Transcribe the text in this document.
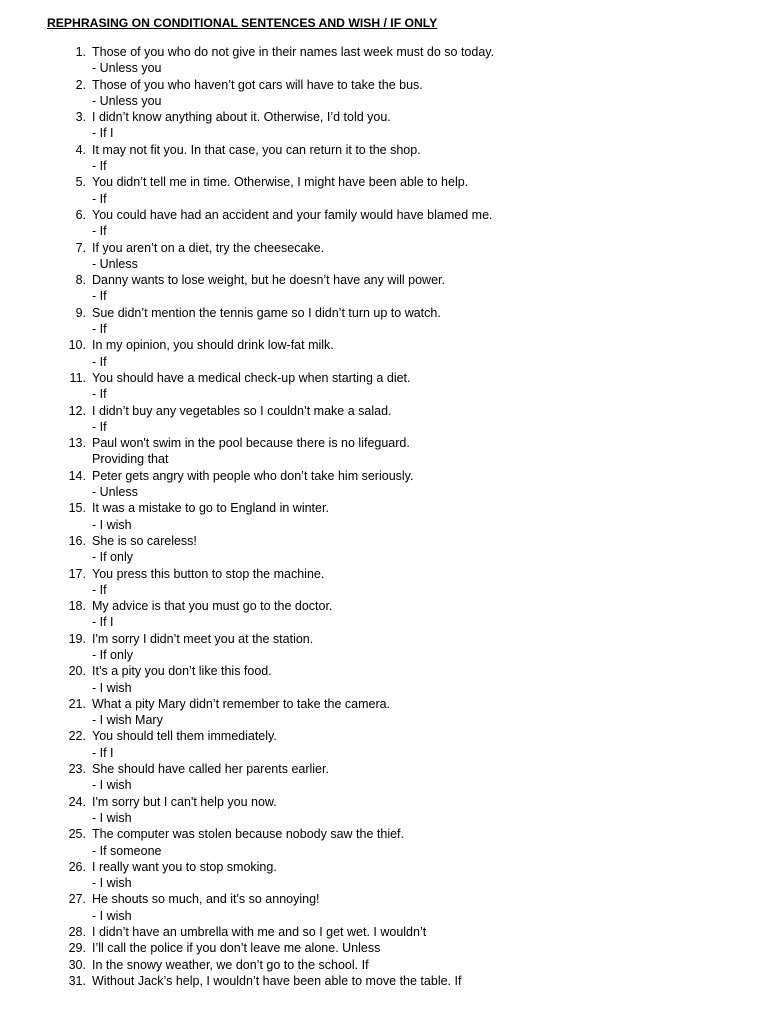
REPHRASING ON CONDITIONAL SENTENCES AND WISH / IF ONLY
1. Those of you who do not give in their names last week must do so today.
- Unless you
2. Those of you who haven’t got cars will have to take the bus.
- Unless you
3. I didn’t know anything about it. Otherwise, I’d told you.
- If I
4. It may not fit you. In that case, you can return it to the shop.
- If
5. You didn’t tell me in time. Otherwise, I might have been able to help.
- If
6. You could have had an accident and your family would have blamed me.
- If
7. If you aren’t on a diet, try the cheesecake.
- Unless
8. Danny wants to lose weight, but he doesn’t have any will power.
- If
9. Sue didn’t mention the tennis game so I didn’t turn up to watch.
- If
10. In my opinion, you should drink low-fat milk.
- If
11. You should have a medical check-up when starting a diet.
- If
12. I didn’t buy any vegetables so I couldn’t make a salad.
- If
13. Paul won't swim in the pool because there is no lifeguard.
Providing that
14. Peter gets angry with people who don’t take him seriously.
- Unless
15. It was a mistake to go to England in winter.
- I wish
16. She is so careless!
- If only
17. You press this button to stop the machine.
- If
18. My advice is that you must go to the doctor.
- If I
19. I'm sorry I didn’t meet you at the station.
- If only
20. It’s a pity you don’t like this food.
- I wish
21. What a pity Mary didn’t remember to take the camera.
- I wish Mary
22. You should tell them immediately.
- If I
23. She should have called her parents earlier.
- I wish
24. I'm sorry but I can't help you now.
- I wish
25. The computer was stolen because nobody saw the thief.
- If someone
26. I really want you to stop smoking.
- I wish
27. He shouts so much, and it's so annoying!
- I wish
28. I didn’t have an umbrella with me and so I get wet. I wouldn’t
29. I’ll call the police if you don’t leave me alone. Unless
30. In the snowy weather, we don’t go to the school. If
31. Without Jack’s help, I wouldn’t have been able to move the table. If
